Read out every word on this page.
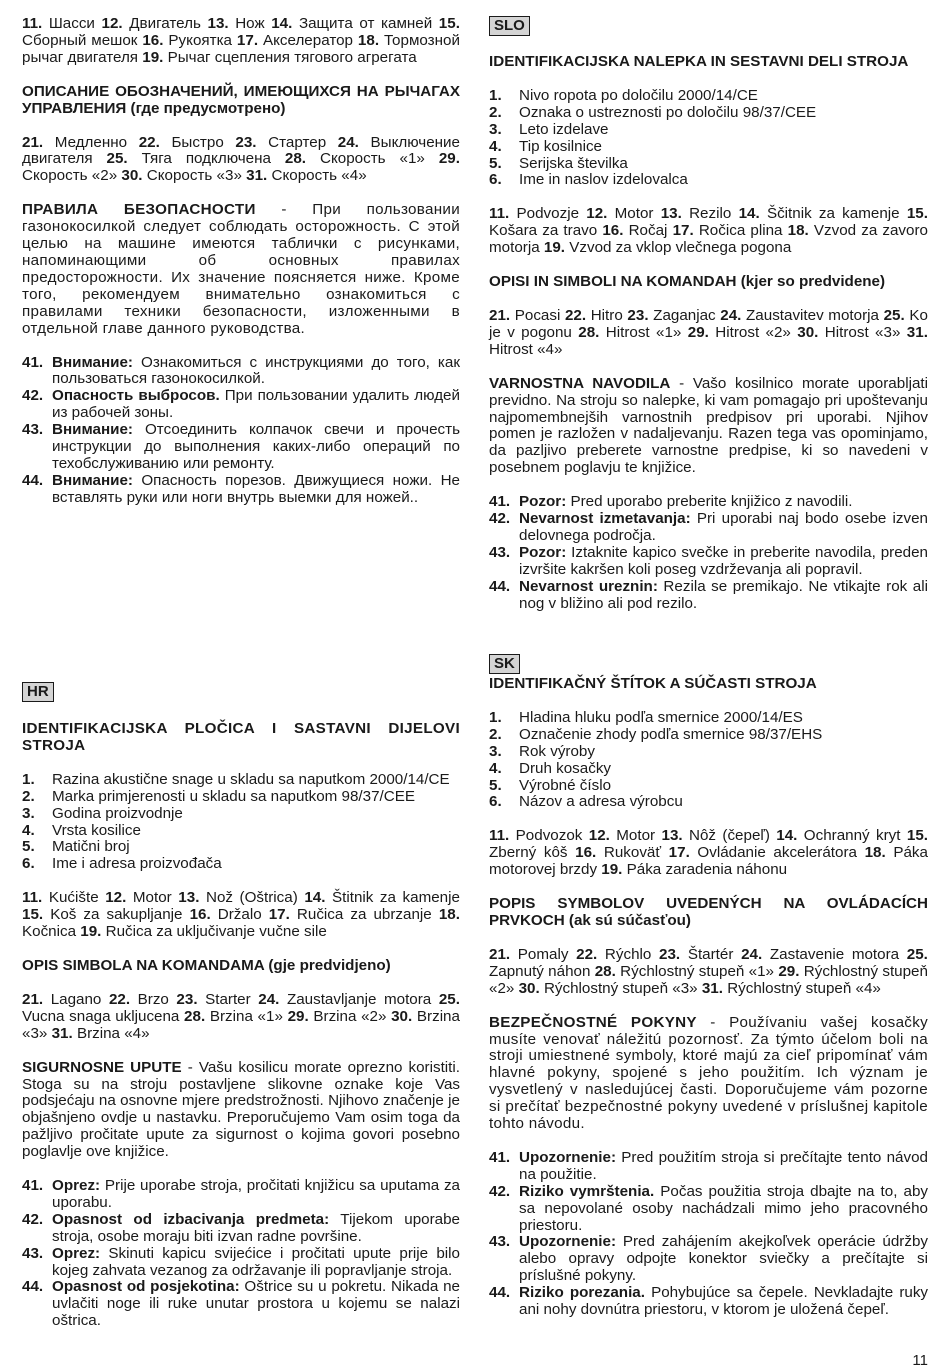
11. Шасси 12. Двигатель 13. Нож 14. Защита от камней 15. Сборный мешок 16. Рукоятка 17. Акселератор 18. Тормозной рычаг двигателя 19. Рычаг сцепления тягового агрегата

ОПИСАНИЕ ОБОЗНАЧЕНИЙ, ИМЕЮЩИХСЯ НА РЫЧАГАХ УПРАВЛЕНИЯ (где предусмотрено)

21. Медленно 22. Быстро 23. Стартер 24. Выключение двигателя 25. Тяга подключена 28. Скорость «1» 29. Скорость «2» 30. Скорость «3» 31. Скорость «4»

ПРАВИЛА БЕЗОПАСНОСТИ - При пользовании газонокосилкой следует соблюдать осторожность. С этой целью на машине имеются таблички с рисунками, напоминающими об основных правилах предосторожности. Их значение поясняется ниже. Кроме того, рекомендуем внимательно ознакомиться с правилами техники безопасности, изложенными в отдельной главе данного руководства.

41. Внимание: Ознакомиться с инструкциями до того, как пользоваться газонокосилкой.
42. Опасность выбросов. При пользовании удалить людей из рабочей зоны.
43. Внимание: Отсоединить колпачок свечи и прочесть инструкции до выполнения каких-либо операций по техобслуживанию или ремонту.
44. Внимание: Опасность порезов. Движущиеся ножи. Не вставлять руки или ноги внутрь выемки для ножей..
SLO

IDENTIFIKACIJSKA NALEPKA IN SESTAVNI DELI STROJA

1. Nivo ropota po določilu 2000/14/CE
2. Oznaka o ustreznosti po določilu 98/37/CEE
3. Leto izdelave
4. Tip kosilnice
5. Serijska številka
6. Ime in naslov izdelovalca

11. Podvozje 12. Motor 13. Rezilo 14. Ščitnik za kamenje 15. Košara za travo 16. Ročaj 17. Ročica plina 18. Vzvod za zavoro motorja 19. Vzvod za vklop vlečnega pogona

OPISI IN SIMBOLI NA KOMANDAH (kjer so predvidene)

21. Pocasi 22. Hitro 23. Zaganjac 24. Zaustavitev motorja 25. Ko je v pogonu 28. Hitrost «1» 29. Hitrost «2» 30. Hitrost «3» 31. Hitrost «4»

VARNOSTNA NAVODILA - Vašo kosilnico morate uporabljati previdno. Na stroju so nalepke, ki vam pomagajo pri upoštevanju najpomembnejših varnostnih predpisov pri uporabi. Njihov pomen je razložen v nadaljevanju. Razen tega vas opominjamo, da pazljivo preberete varnostne predpise, ki so navedeni v posebnem poglavju te knjižice.

41. Pozor: Pred uporabo preberite knjižico z navodili.
42. Nevarnost izmetavanja: Pri uporabi naj bodo osebe izven delovnega področja.
43. Pozor: Iztaknite kapico svečke in preberite navodila, preden izvršite kakršen koli poseg vzdrževanja ali popravil.
44. Nevarnost ureznin: Rezila se premikajo. Ne vtikajte rok ali nog v bližino ali pod rezilo.
HR

IDENTIFIKACIJSKA PLOČICA I SASTAVNI DIJELOVI STROJA

1. Razina akustične snage u skladu sa naputkom 2000/14/CE
2. Marka primjerenosti u skladu sa naputkom 98/37/CEE
3. Godina proizvodnje
4. Vrsta kosilice
5. Matični broj
6. Ime i adresa proizvođača

11. Kućište 12. Motor 13. Nož (Oštrica) 14. Štitnik za kamenje 15. Koš za sakupljanje 16. Držalo 17. Ručica za ubrzanje 18. Kočnica 19. Ručica za uključivanje vučne sile

OPIS SIMBOLA NA KOMANDAMA (gje predvidjeno)

21. Lagano 22. Brzo 23. Starter 24. Zaustavljanje motora 25. Vucna snaga ukljucena 28. Brzina «1» 29. Brzina «2» 30. Brzina «3» 31. Brzina «4»

SIGURNOSNE UPUTE - Vašu kosilicu morate oprezno koristiti. Stoga su na stroju postavljene slikovne oznake koje Vas podsjećaju na osnovne mjere predstrožnosti. Njihovo značenje je objašnjeno ovdje u nastavku. Preporučujemo Vam osim toga da pažljivo pročitate upute za sigurnost o kojima govori posebno poglavlje ove knjižice.

41. Oprez: Prije uporabe stroja, pročitati knjižicu sa uputama za uporabu.
42. Opasnost od izbacivanja predmeta: Tijekom uporabe stroja, osobe moraju biti izvan radne površine.
43. Oprez: Skinuti kapicu svijećice i pročitati upute prije bilo kojeg zahvata vezanog za održavanje ili popravljanje stroja.
44. Opasnost od posjekotina: Oštrice su u pokretu. Nikada ne uvlačiti noge ili ruke unutar prostora u kojemu se nalazi oštrica.
SK

IDENTIFIKAČNÝ ŠTÍTOK A SÚČASTI STROJA

1. Hladina hluku podľa smernice 2000/14/ES
2. Označenie zhody podľa smernice 98/37/EHS
3. Rok výroby
4. Druh kosačky
5. Výrobné číslo
6. Názov a adresa výrobcu

11. Podvozok 12. Motor 13. Nôž (čepeľ) 14. Ochranný kryt 15. Zberný kôš 16. Rukoväť 17. Ovládanie akcelerátora 18. Páka motorovej brzdy 19. Páka zaradenia náhonu

POPIS SYMBOLOV UVEDENÝCH NA OVLÁDACÍCH PRVKOCH (ak sú súčasťou)

21. Pomaly 22. Rýchlo 23. Štartér 24. Zastavenie motora 25. Zapnutý náhon 28. Rýchlostný stupeň «1» 29. Rýchlostný stupeň «2» 30. Rýchlostný stupeň «3» 31. Rýchlostný stupeň «4»

BEZPEČNOSTNÉ POKYNY - Používaniu vašej kosačky musíte venovať náležitú pozornosť. Za týmto účelom boli na stroji umiestnené symboly, ktoré majú za cieľ pripomínať vám hlavné pokyny, spojené s jeho použitím. Ich význam je vysvetlený v nasledujúcej časti. Doporučujeme vám pozorne si prečítať bezpečnostné pokyny uvedené v príslušnej kapitole tohto návodu.

41. Upozornenie: Pred použitím stroja si prečítajte tento návod na použitie.
42. Riziko vymrštenia. Počas použitia stroja dbajte na to, aby sa nepovolané osoby nachádzali mimo jeho pracovného priestoru.
43. Upozornenie: Pred zahájením akejkoľvek operácie údržby alebo opravy odpojte konektor sviečky a prečítajte si príslušné pokyny.
44. Riziko porezania. Pohybujúce sa čepele. Nevkladajte ruky ani nohy dovnútra priestoru, v ktorom je uložená čepeľ.
11
